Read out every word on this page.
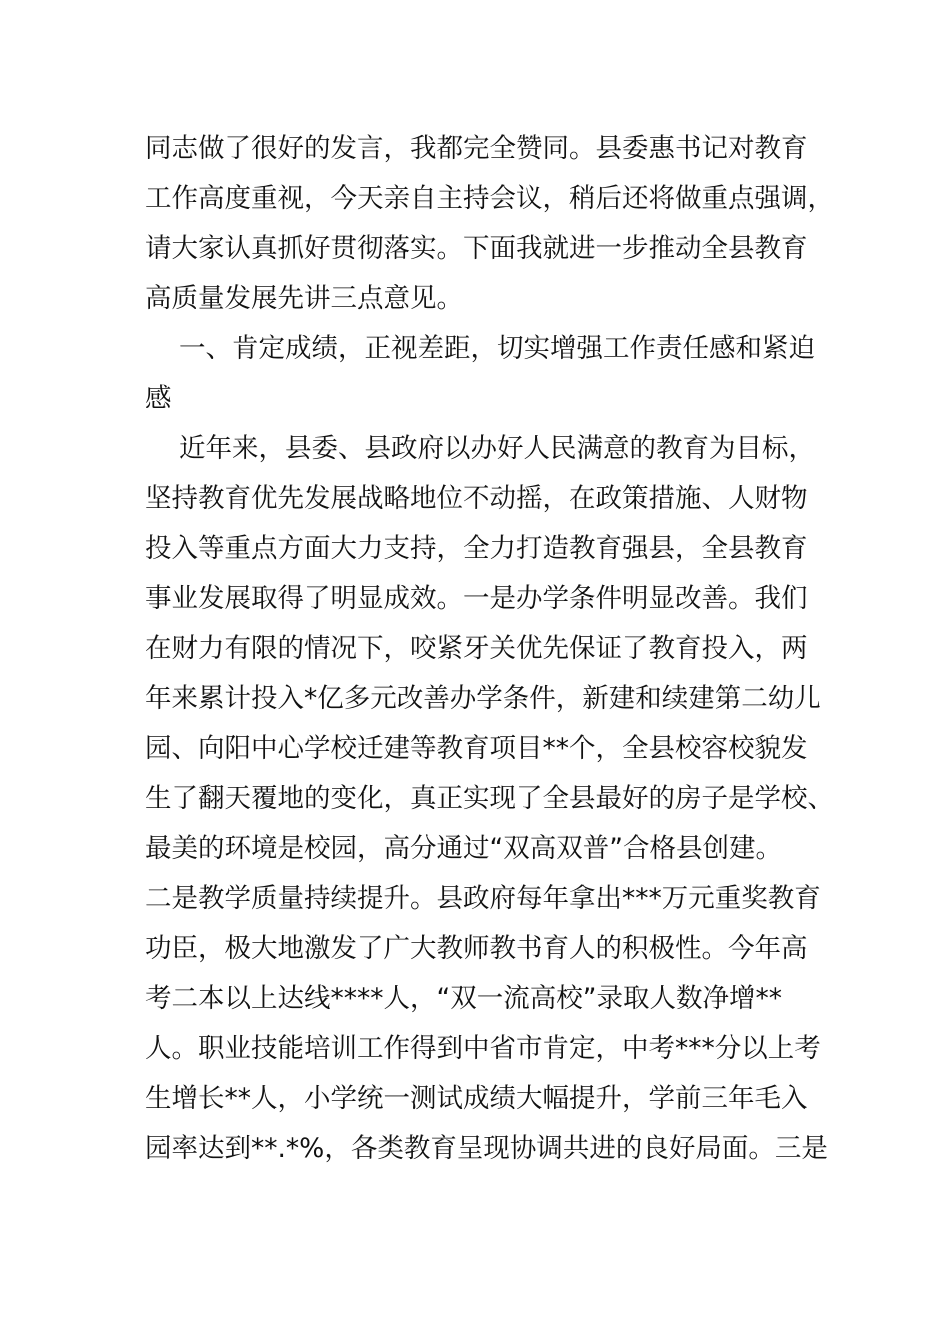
同志做了很好的发言，我都完全赞同。县委惠书记对教育
工作高度重视，今天亲自主持会议，稍后还将做重点强调，
请大家认真抓好贯彻落实。下面我就进一步推动全县教育
高质量发展先讲三点意见。
一、肯定成绩，正视差距，切实增强工作责任感和紧迫
感
近年来，县委、县政府以办好人民满意的教育为目标，
坚持教育优先发展战略地位不动摇，在政策措施、人财物
投入等重点方面大力支持，全力打造教育强县，全县教育
事业发展取得了明显成效。一是办学条件明显改善。我们
在财力有限的情况下，咬紧牙关优先保证了教育投入，两
年来累计投入*亿多元改善办学条件，新建和续建第二幼儿
园、向阳中心学校迁建等教育项目**个，全县校容校貌发
生了翻天覆地的变化，真正实现了全县最好的房子是学校、
最美的环境是校园，高分通过“双高双普”合格县创建。
二是教学质量持续提升。县政府每年拿出***万元重奖教育
功臣，极大地激发了广大教师教书育人的积极性。今年高
考二本以上达线****人，“双一流高校”录取人数净增**
人。职业技能培训工作得到中省市肯定，中考***分以上考
生增长**人，小学统一测试成绩大幅提升，学前三年毛入
园率达到**.*%，各类教育呈现协调共进的良好局面。三是
